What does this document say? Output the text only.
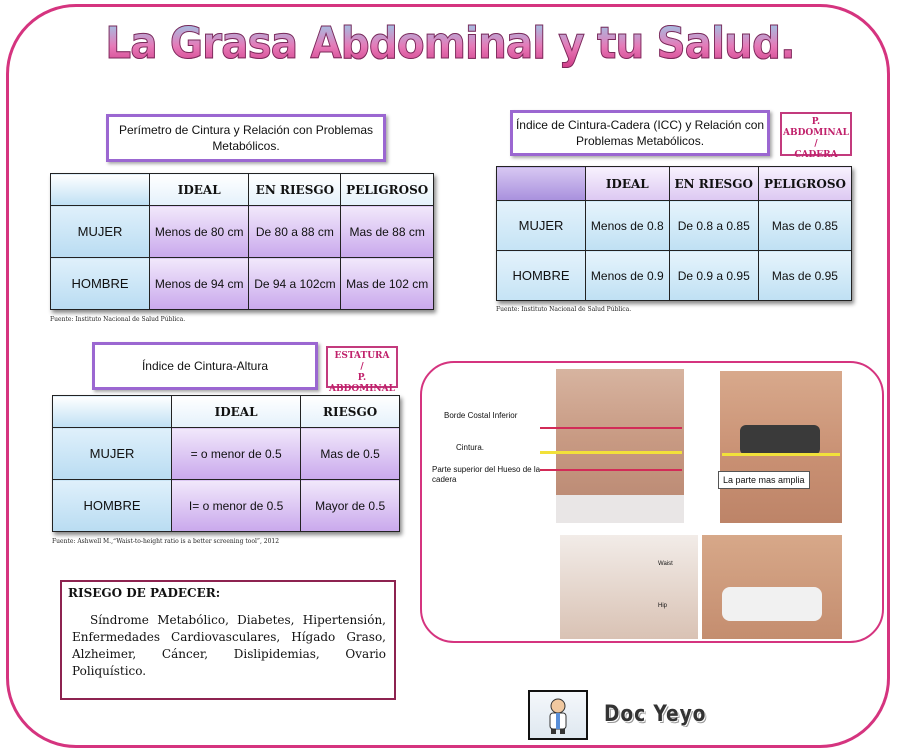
La Grasa Abdominal y tu Salud.
Perímetro de Cintura y Relación con Problemas Metabólicos.
	IDEAL	EN RIESGO	PELIGROSO
MUJER	Menos de 80 cm	De 80 a 88 cm	Mas de 88 cm
HOMBRE	Menos de 94 cm	De 94 a 102cm	Mas de 102 cm
Fuente: Instituto Nacional de Salud Pública.
Índice de Cintura-Cadera (ICC) y Relación con Problemas Metabólicos.
P. ABDOMINAL
/
CADERA
	IDEAL	EN RIESGO	PELIGROSO
MUJER	Menos de 0.8	De 0.8 a 0.85	Mas de 0.85
HOMBRE	Menos de 0.9	De 0.9 a 0.95	Mas de 0.95
Fuente: Instituto Nacional de Salud Pública.
Índice de Cintura-Altura
ESTATURA
/
P. ABDOMINAL
	IDEAL	RIESGO
MUJER	= o menor de 0.5	Mas de 0.5
HOMBRE	I= o menor de 0.5	Mayor de 0.5
Fuente: Ashwell M.,“Waist-to-height ratio is a better screening tool”, 2012
RISEGO DE PADECER:
Síndrome Metabólico, Diabetes, Hipertensión, Enfermedades Cardiovasculares, Hígado Graso, Alzheimer, Cáncer, Dislipidemias, Ovario Poliquístico.
Borde Costal Inferior
Cintura.
Parte superior del Hueso de la cadera	La parte mas amplia
Waist
Hip
Doc Yeyo
